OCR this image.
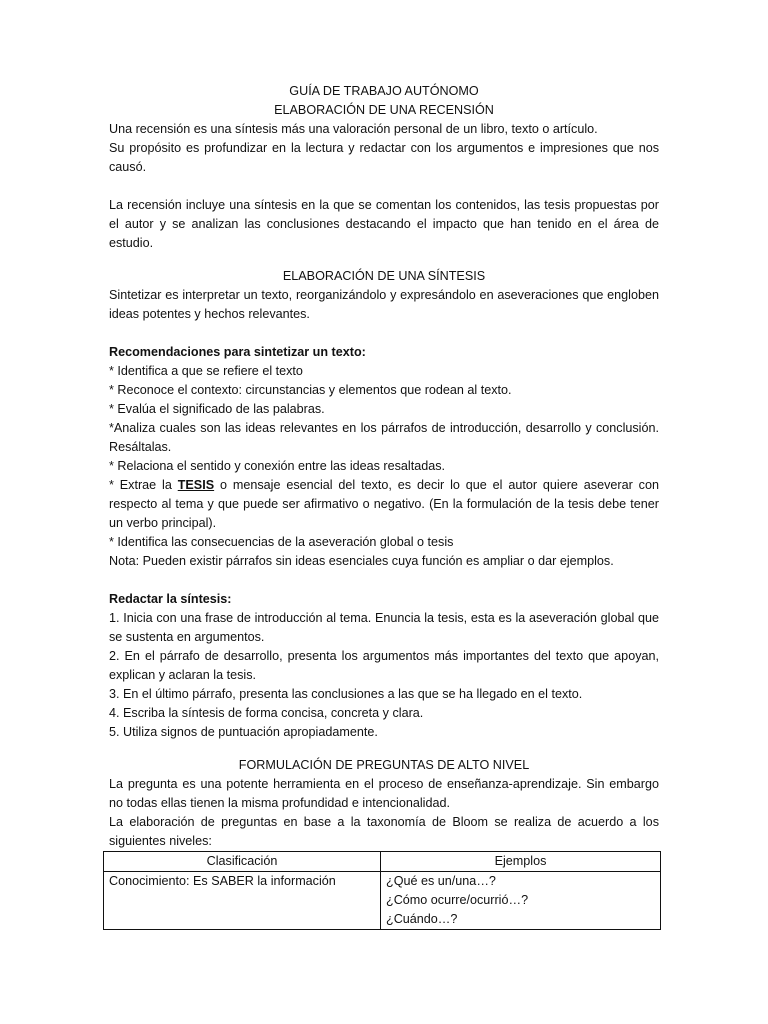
GUÍA DE TRABAJO AUTÓNOMO

ELABORACIÓN DE UNA RECENSIÓN

Una recensión es una síntesis más una valoración personal de un libro, texto o artículo.

Su propósito es profundizar en la lectura y redactar con los argumentos e impresiones que nos causó.

La recensión incluye una síntesis en la que se comentan los contenidos, las tesis propuestas por el autor y se analizan las conclusiones destacando el impacto que han tenido en el área de estudio.

ELABORACIÓN DE UNA SÍNTESIS

Sintetizar es interpretar un texto, reorganizándolo y expresándolo en aseveraciones que engloben ideas potentes y hechos relevantes.

Recomendaciones para sintetizar un texto:

* Identifica a que se refiere el texto

* Reconoce el contexto: circunstancias y elementos que rodean al texto.

* Evalúa el significado de las palabras.

*Analiza cuales son las ideas relevantes en los párrafos de introducción, desarrollo y conclusión. Resáltalas.

* Relaciona el sentido y conexión entre las ideas resaltadas.

* Extrae la TESIS o mensaje esencial del texto, es decir lo que el autor quiere aseverar con respecto al tema y que puede ser afirmativo o negativo. (En la formulación de la tesis debe tener un verbo principal).

* Identifica las consecuencias de la aseveración global o tesis

Nota: Pueden existir párrafos sin ideas esenciales cuya función es ampliar o dar ejemplos.

Redactar la síntesis:

1. Inicia con una frase de introducción al tema. Enuncia la tesis, esta es la aseveración global que se sustenta en argumentos.

2. En el párrafo de desarrollo, presenta los argumentos más importantes del texto que apoyan, explican y aclaran la tesis.

3. En el último párrafo, presenta las conclusiones a las que se ha llegado en el texto.

4. Escriba la síntesis de forma concisa, concreta y clara.

5. Utiliza signos de puntuación apropiadamente.

FORMULACIÓN DE PREGUNTAS DE ALTO NIVEL

La pregunta es una potente herramienta en el proceso de enseñanza-aprendizaje. Sin embargo no todas ellas tienen la misma profundidad e intencionalidad.

La elaboración de preguntas en base a la taxonomía de Bloom se realiza de acuerdo a los siguientes niveles:

Clasificación	Ejemplos
Conocimiento: Es SABER la información	¿Qué es un/una…?
¿Cómo ocurre/ocurrió…?
¿Cuándo…?
